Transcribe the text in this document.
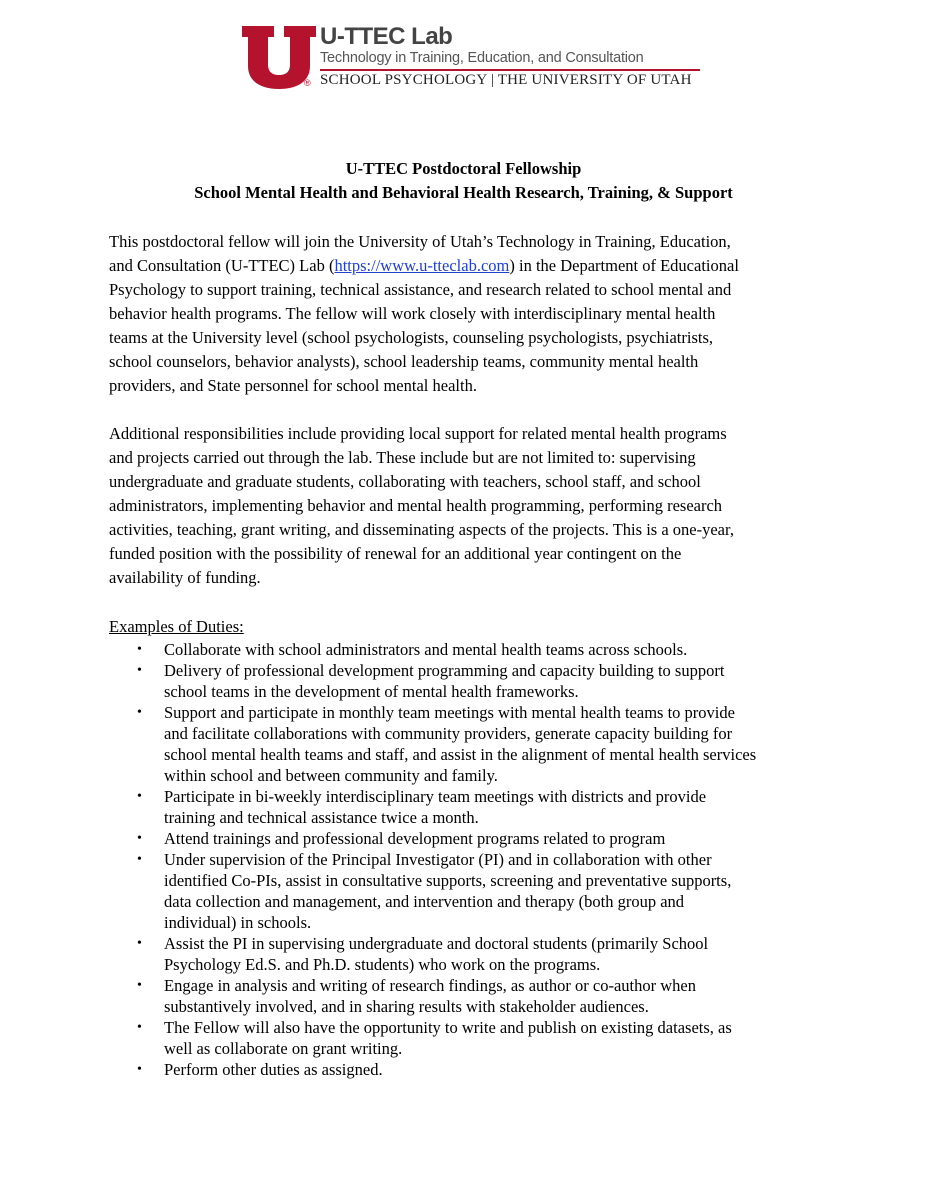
®
U-TTEC Lab
Technology in Training, Education, and Consultation
SCHOOL PSYCHOLOGY | THE UNIVERSITY OF UTAH
U-TTEC Postdoctoral Fellowship
School Mental Health and Behavioral Health Research, Training, & Support

This postdoctoral fellow will join the University of Utah’s Technology in Training, Education,
and Consultation (U-TTEC) Lab (https://www.u-tteclab.com) in the Department of Educational
Psychology to support training, technical assistance, and research related to school mental and
behavior health programs. The fellow will work closely with interdisciplinary mental health
teams at the University level (school psychologists, counseling psychologists, psychiatrists,
school counselors, behavior analysts), school leadership teams, community mental health
providers, and State personnel for school mental health.

Additional responsibilities include providing local support for related mental health programs
and projects carried out through the lab. These include but are not limited to: supervising
undergraduate and graduate students, collaborating with teachers, school staff, and school
administrators, implementing behavior and mental health programming, performing research
activities, teaching, grant writing, and disseminating aspects of the projects. This is a one-year,
funded position with the possibility of renewal for an additional year contingent on the
availability of funding.

Examples of Duties:
• Collaborate with school administrators and mental health teams across schools.
• Delivery of professional development programming and capacity building to support
school teams in the development of mental health frameworks.
• Support and participate in monthly team meetings with mental health teams to provide
and facilitate collaborations with community providers, generate capacity building for
school mental health teams and staff, and assist in the alignment of mental health services
within school and between community and family.
• Participate in bi-weekly interdisciplinary team meetings with districts and provide
training and technical assistance twice a month.
• Attend trainings and professional development programs related to program
• Under supervision of the Principal Investigator (PI) and in collaboration with other
identified Co-PIs, assist in consultative supports, screening and preventative supports,
data collection and management, and intervention and therapy (both group and
individual) in schools.
• Assist the PI in supervising undergraduate and doctoral students (primarily School
Psychology Ed.S. and Ph.D. students) who work on the programs.
• Engage in analysis and writing of research findings, as author or co-author when
substantively involved, and in sharing results with stakeholder audiences.
• The Fellow will also have the opportunity to write and publish on existing datasets, as
well as collaborate on grant writing.
• Perform other duties as assigned.
